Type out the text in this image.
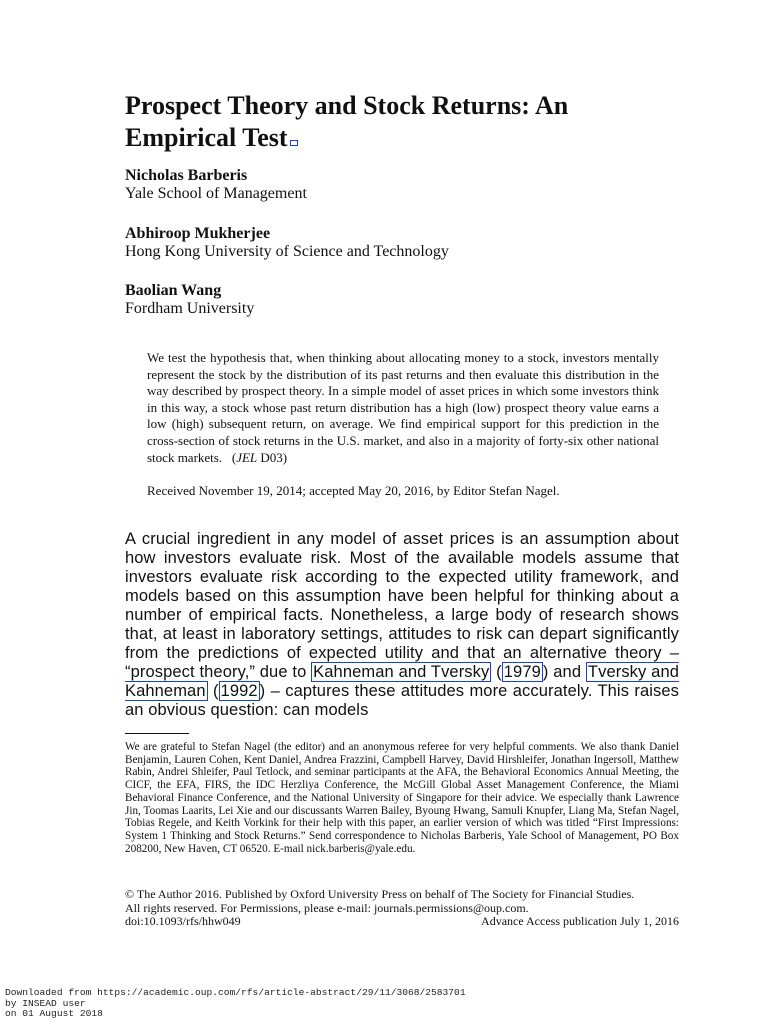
Prospect Theory and Stock Returns: An Empirical Test
Nicholas Barberis
Yale School of Management
Abhiroop Mukherjee
Hong Kong University of Science and Technology
Baolian Wang
Fordham University
We test the hypothesis that, when thinking about allocating money to a stock, investors mentally represent the stock by the distribution of its past returns and then evaluate this distribution in the way described by prospect theory. In a simple model of asset prices in which some investors think in this way, a stock whose past return distribution has a high (low) prospect theory value earns a low (high) subsequent return, on average. We find empirical support for this prediction in the cross-section of stock returns in the U.S. market, and also in a majority of forty-six other national stock markets. (JEL D03)
Received November 19, 2014; accepted May 20, 2016, by Editor Stefan Nagel.
A crucial ingredient in any model of asset prices is an assumption about how investors evaluate risk. Most of the available models assume that investors evaluate risk according to the expected utility framework, and models based on this assumption have been helpful for thinking about a number of empirical facts. Nonetheless, a large body of research shows that, at least in laboratory settings, attitudes to risk can depart significantly from the predictions of expected utility and that an alternative theory – “prospect theory,” due to Kahneman and Tversky ( 1979 ) and Tversky and Kahneman ( 1992 ) – captures these attitudes more accurately. This raises an obvious question: can models
We are grateful to Stefan Nagel (the editor) and an anonymous referee for very helpful comments. We also thank Daniel Benjamin, Lauren Cohen, Kent Daniel, Andrea Frazzini, Campbell Harvey, David Hirshleifer, Jonathan Ingersoll, Matthew Rabin, Andrei Shleifer, Paul Tetlock, and seminar participants at the AFA, the Behavioral Economics Annual Meeting, the CICF, the EFA, FIRS, the IDC Herzliya Conference, the McGill Global Asset Management Conference, the Miami Behavioral Finance Conference, and the National University of Singapore for their advice. We especially thank Lawrence Jin, Toomas Laarits, Lei Xie and our discussants Warren Bailey, Byoung Hwang, Samuli Knupfer, Liang Ma, Stefan Nagel, Tobias Regele, and Keith Vorkink for their help with this paper, an earlier version of which was titled “First Impressions: System 1 Thinking and Stock Returns.” Send correspondence to Nicholas Barberis, Yale School of Management, PO Box 208200, New Haven, CT 06520. E-mail nick.barberis@yale.edu.
© The Author 2016. Published by Oxford University Press on behalf of The Society for Financial Studies.
All rights reserved. For Permissions, please e-mail: journals.permissions@oup.com.
doi:10.1093/rfs/hhw049	Advance Access publication July 1, 2016
Downloaded from https://academic.oup.com/rfs/article-abstract/29/11/3068/2583701
by INSEAD user
on 01 August 2018
